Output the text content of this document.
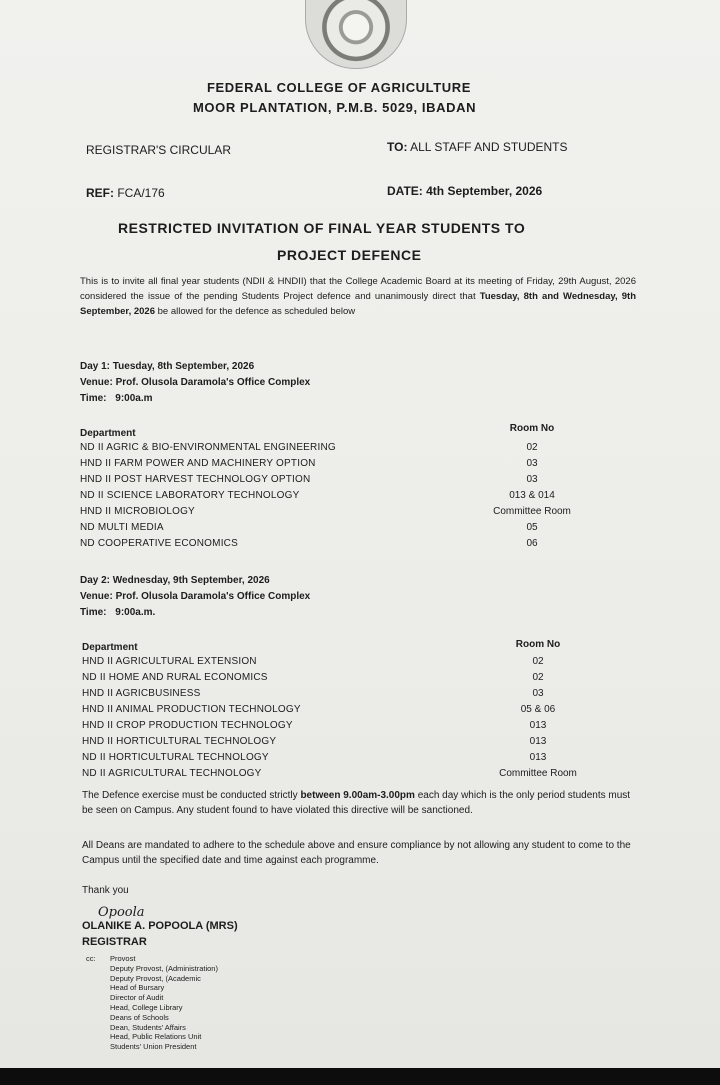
FEDERAL COLLEGE OF AGRICULTURE
MOOR PLANTATION, P.M.B. 5029, IBADAN
REGISTRAR'S CIRCULAR	TO: ALL STAFF AND STUDENTS
REF: FCA/176	DATE: 4th September, 2026
RESTRICTED INVITATION OF FINAL YEAR STUDENTS TO
PROJECT DEFENCE
This is to invite all final year students (NDII & HNDII) that the College Academic Board at its meeting of Friday, 29th August, 2026 considered the issue of the pending Students Project defence and unanimously direct that Tuesday, 8th and Wednesday, 9th September, 2026 be allowed for the defence as scheduled below
Day 1: Tuesday, 8th September, 2026
Venue: Prof. Olusola Daramola's Office Complex
Time: 9:00a.m
Department	Room No
ND II AGRIC & BIO-ENVIRONMENTAL ENGINEERING	02
HND II FARM POWER AND MACHINERY OPTION	03
HND II POST HARVEST TECHNOLOGY OPTION	03
ND II SCIENCE LABORATORY TECHNOLOGY	013 & 014
HND II MICROBIOLOGY	Committee Room
ND MULTI MEDIA	05
ND COOPERATIVE ECONOMICS	06
Day 2: Wednesday, 9th September, 2026
Venue: Prof. Olusola Daramola's Office Complex
Time: 9:00a.m.
Department	Room No
HND II AGRICULTURAL EXTENSION	02
ND II HOME AND RURAL ECONOMICS	02
HND II AGRICBUSINESS	03
HND II ANIMAL PRODUCTION TECHNOLOGY	05 & 06
HND II CROP PRODUCTION TECHNOLOGY	013
HND II HORTICULTURAL TECHNOLOGY	013
ND II HORTICULTURAL TECHNOLOGY	013
ND II AGRICULTURAL TECHNOLOGY	Committee Room
The Defence exercise must be conducted strictly between 9.00am-3.00pm each day which is the only period students must be seen on Campus. Any student found to have violated this directive will be sanctioned.
All Deans are mandated to adhere to the schedule above and ensure compliance by not allowing any student to come to the Campus until the specified date and time against each programme.
Thank you
Opoola
OLANIKE A. POPOOLA (MRS)
REGISTRAR
cc: Provost
Deputy Provost, (Administration)
Deputy Provost, (Academic
Head of Bursary
Director of Audit
Head, College Library
Deans of Schools
Dean, Students' Affairs
Head, Public Relations Unit
Students' Union President
